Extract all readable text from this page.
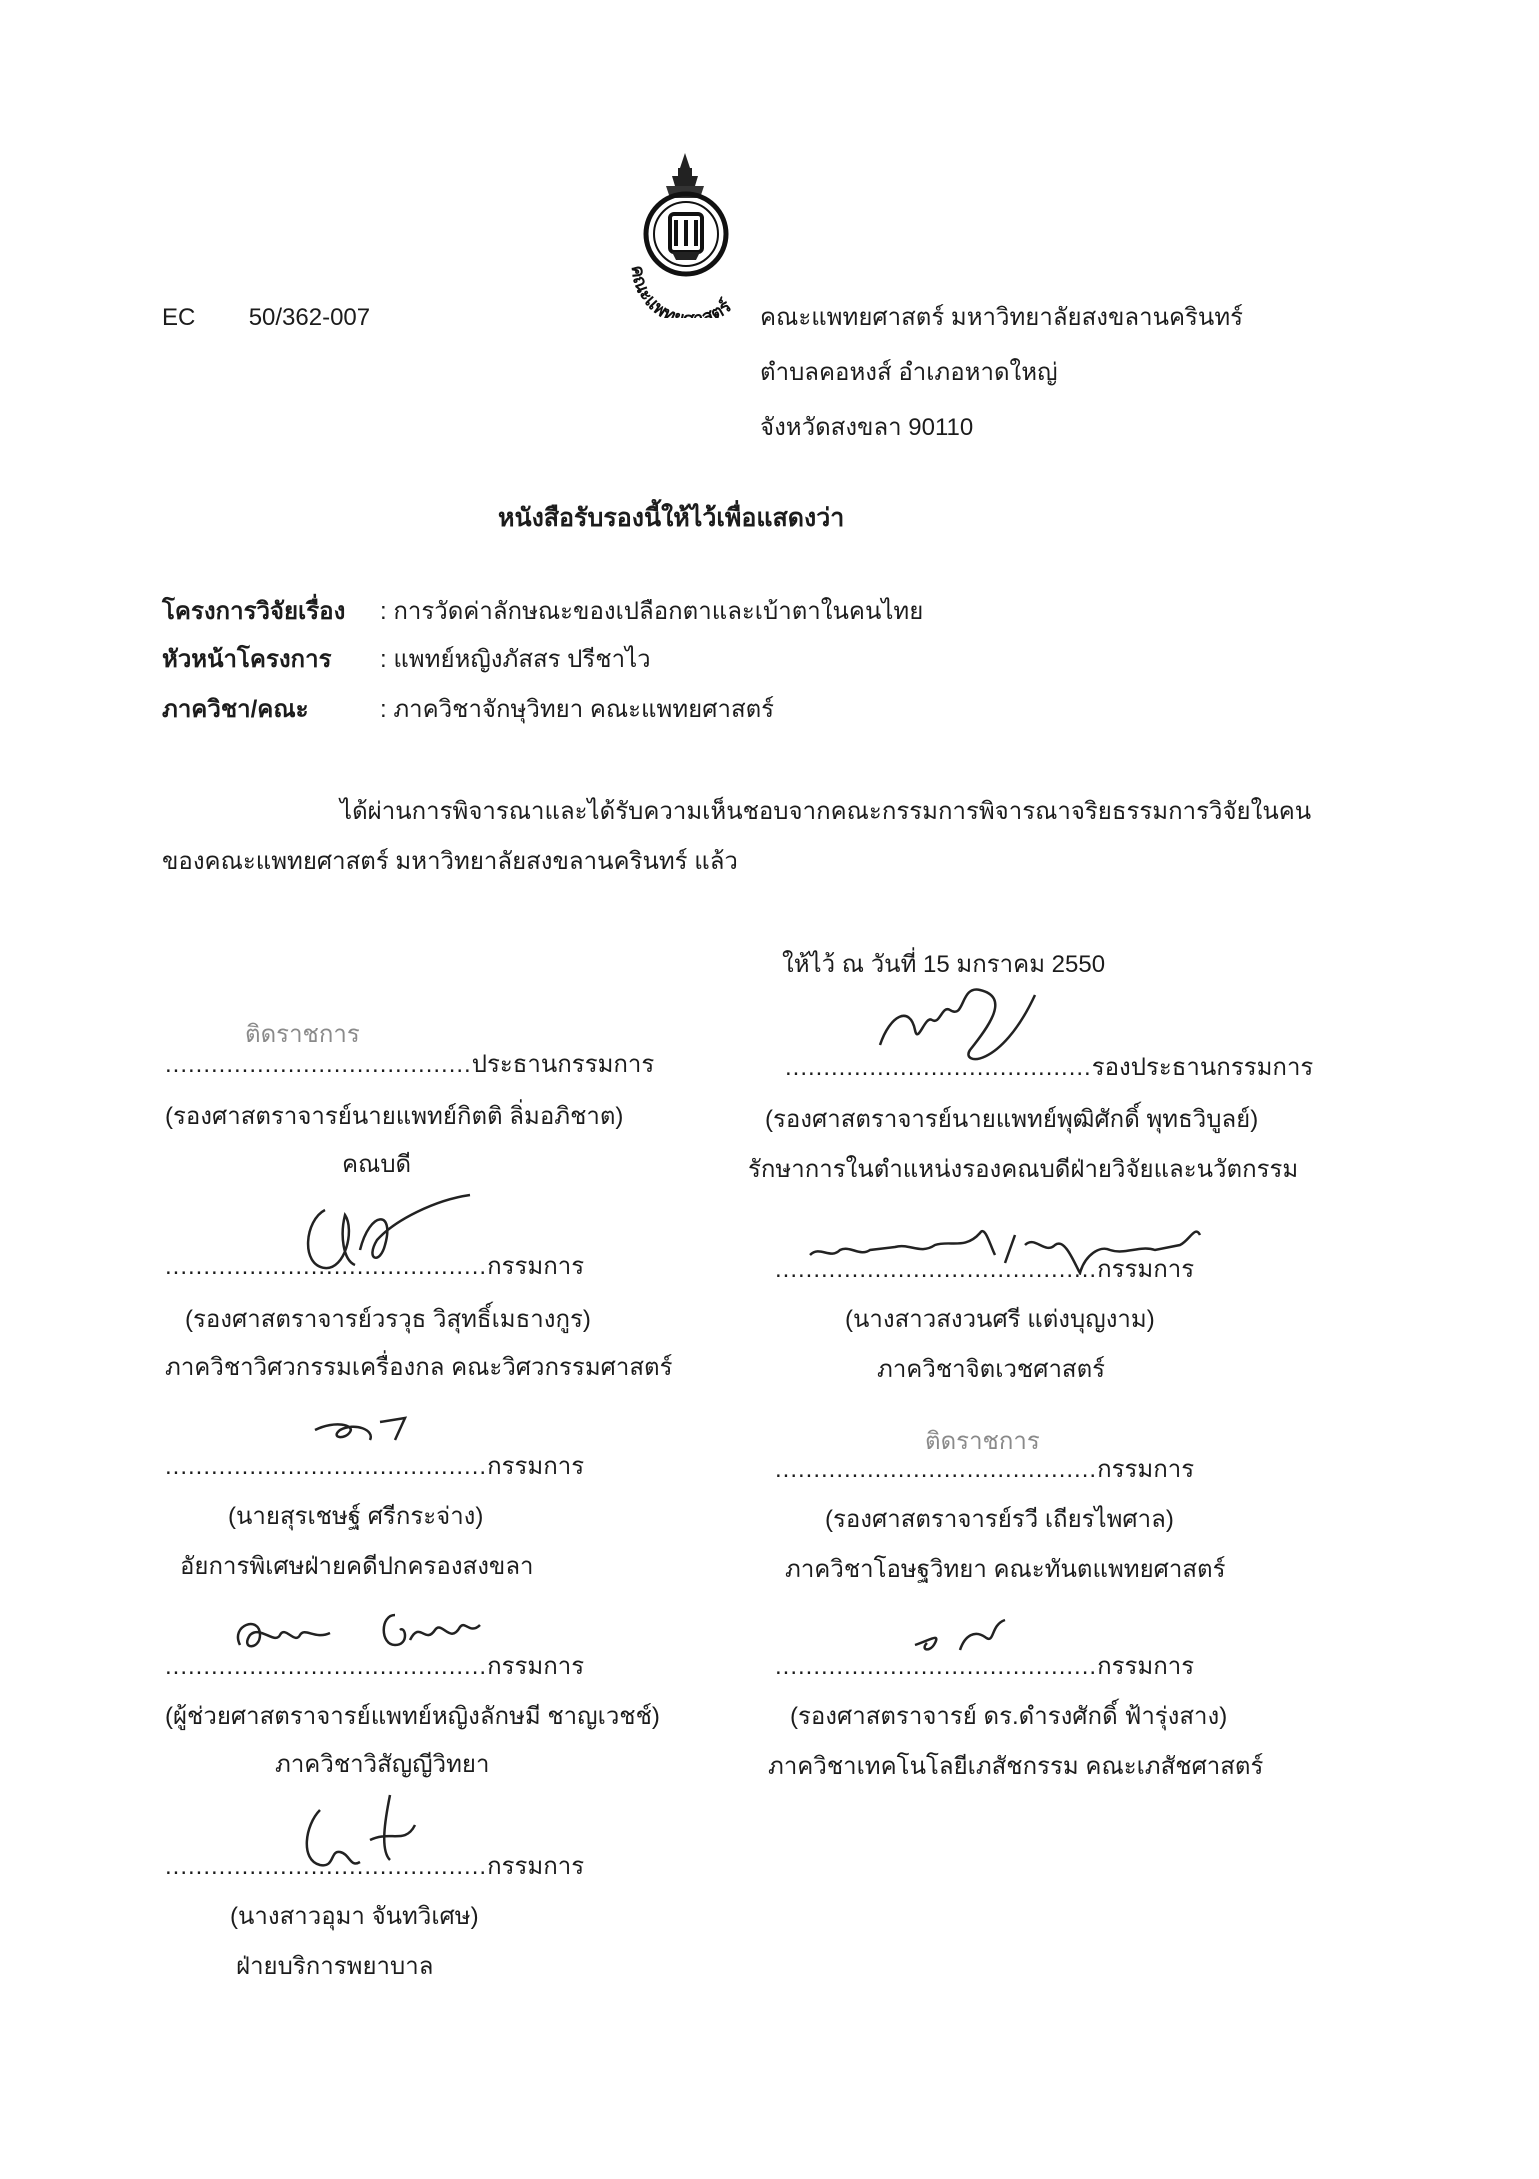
EC 50/362-007
คณะแพท สตร์ คณะแพทยศาสตร์ มหาวิทยาลัยสงขลานครินทร์
ตำบลคอหงส์ อำเภอหาดใหญ่
จังหวัดสงขลา 90110
หนังสือรับรองนี้ให้ไว้เพื่อแสดงว่า
โครงการวิจัยเรื่อง : การวัดค่าลักษณะของเปลือกตาและเบ้าตาในคนไทย
หัวหน้าโครงการ : แพทย์หญิงภัสสร ปรีชาไว
ภาควิชา/คณะ	: ภาควิชาจักษุวิทยา คณะแพทยศาสตร์
ได้ผ่านการพิจารณาและได้รับความเห็นชอบจากคณะกรรมการพิจารณาจริยธรรมการวิจัยในคน
ของคณะแพทยศาสตร์ มหาวิทยาลัยสงขลานครินทร์ แล้ว
ให้ไว้ ณ วันที่ 15 มกราคม 2550
ติดราชการ
........................................ประธานกรรมการ
(รองศาสตราจารย์นายแพทย์กิตติ ลิ่มอภิชาต)
คณบดี
........................................รองประธานกรรมการ
(รองศาสตราจารย์นายแพทย์พุฒิศักดิ์ พุทธวิบูลย์)
รักษาการในตำแหน่งรองคณบดีฝ่ายวิจัยและนวัตกรรม
..........................................กรรมการ
(รองศาสตราจารย์วรวุธ วิสุทธิ์เมธางกูร)
ภาควิชาวิศวกรรมเครื่องกล คณะวิศวกรรมศาสตร์
..........................................กรรมการ
(นางสาวสงวนศรี แต่งบุญงาม)
ภาควิชาจิตเวชศาสตร์
..........................................กรรมการ
(นายสุรเชษฐ์ ศรีกระจ่าง)
อัยการพิเศษฝ่ายคดีปกครองสงขลา
ติดราชการ
..........................................กรรมการ
(รองศาสตราจารย์รวี เถียรไพศาล)
ภาควิชาโอษฐวิทยา คณะทันตแพทยศาสตร์
..........................................กรรมการ
(ผู้ช่วยศาสตราจารย์แพทย์หญิงลักษมี ชาญเวชช์)
ภาควิชาวิสัญญีวิทยา
..........................................กรรมการ
(รองศาสตราจารย์ ดร.ดำรงศักดิ์ ฟ้ารุ่งสาง)
ภาควิชาเทคโนโลยีเภสัชกรรม คณะเภสัชศาสตร์
..........................................กรรมการ
(นางสาวอุมา จันทวิเศษ)
ฝ่ายบริการพยาบาล
